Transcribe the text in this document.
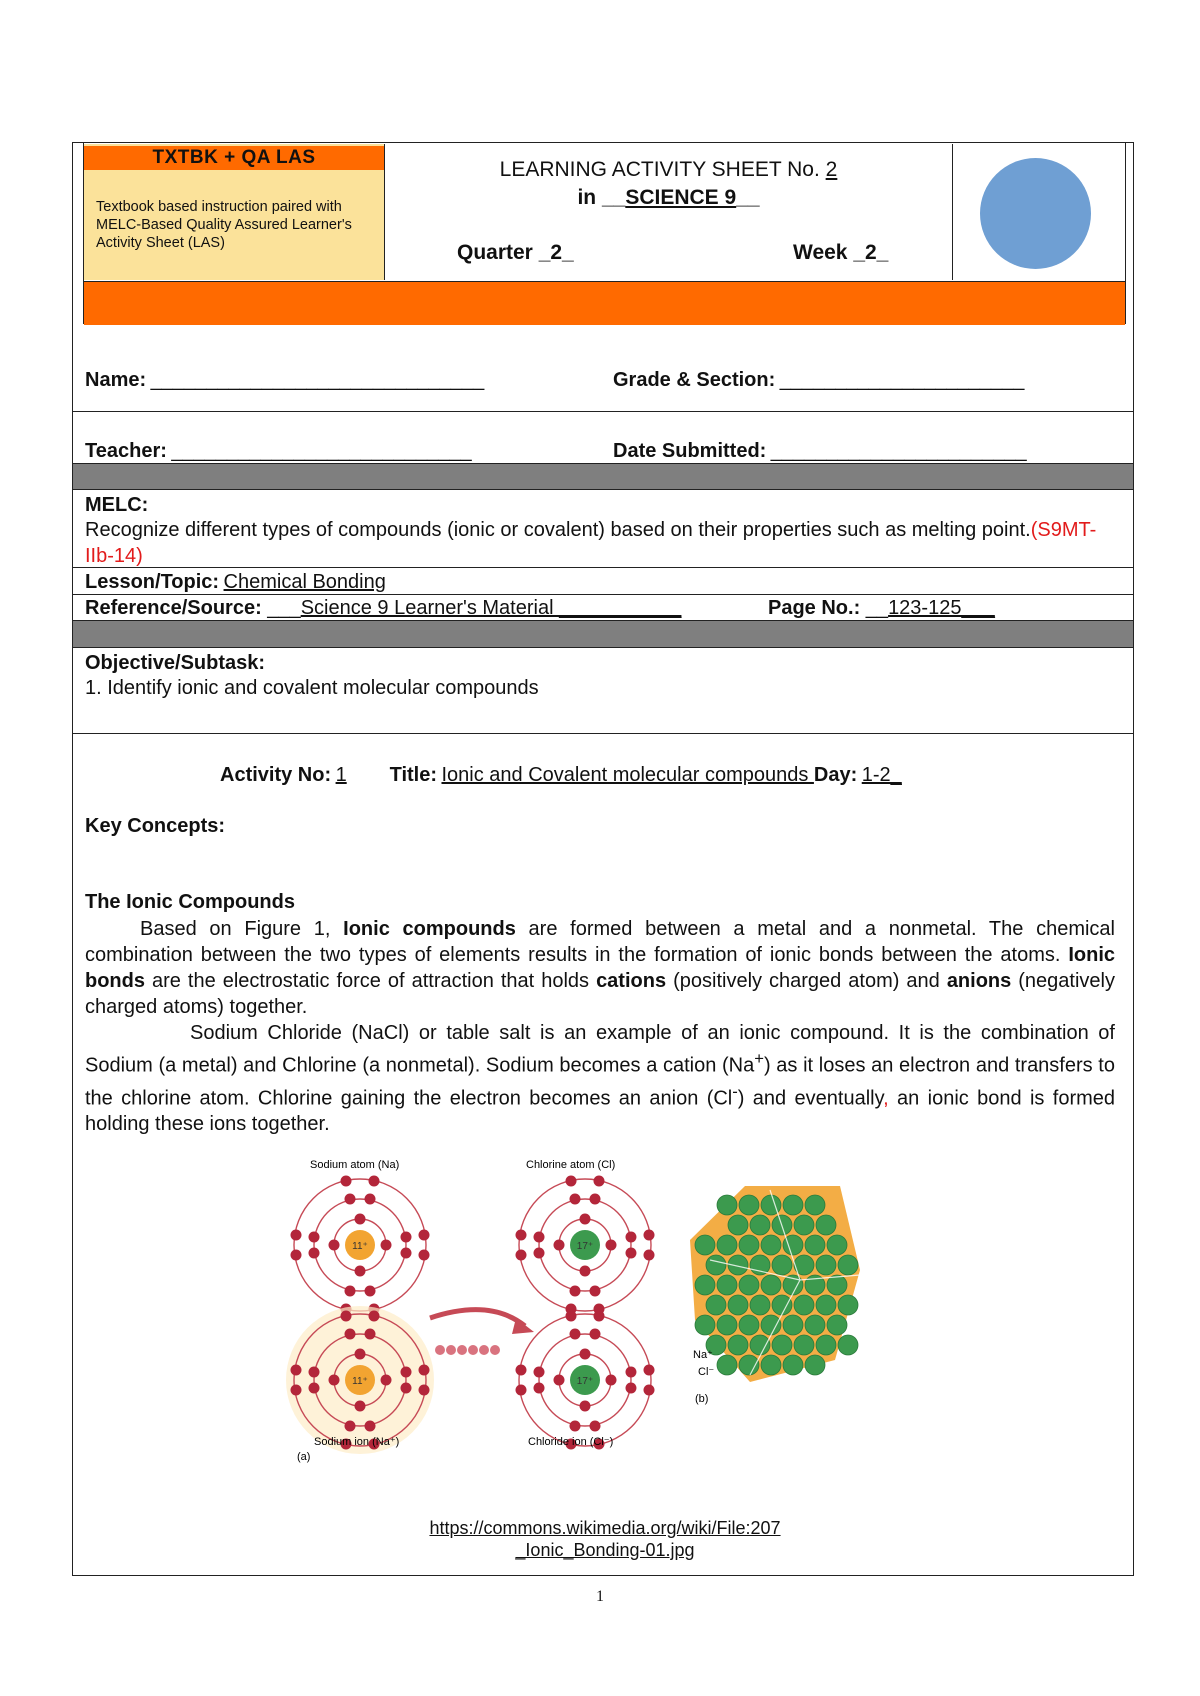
TXTBK + QA LAS
Textbook based instruction paired with MELC-Based Quality Assured Learner's Activity Sheet (LAS)
LEARNING ACTIVITY SHEET No. 2
in __SCIENCE 9__
Quarter _2_	Week _2_
Name: ______________________________	Grade & Section: ______________________
Teacher: ___________________________	Date Submitted: _______________________
MELC:
Recognize different types of compounds (ionic or covalent) based on their properties such as melting point.(S9MT- IIb-14)
Lesson/Topic: Chemical Bonding
Reference/Source: ___Science 9 Learner's Material ___________	Page No.: __123-125___
Objective/Subtask:
1. Identify ionic and covalent molecular compounds
Activity No: 1 Title: Ionic and Covalent molecular compounds Day: 1-2_
Key Concepts:
The Ionic Compounds
Based on Figure 1, Ionic compounds are formed between a metal and a nonmetal. The chemical combination between the two types of elements results in the formation of ionic bonds between the atoms. Ionic bonds are the electrostatic force of attraction that holds cations (positively charged atom) and anions (negatively charged atoms) together.
Sodium Chloride (NaCl) or table salt is an example of an ionic compound. It is the combination of Sodium (a metal) and Chlorine (a nonmetal). Sodium becomes a cation (Na+) as it loses an electron and transfers to the chlorine atom. Chlorine gaining the electron becomes an anion (Cl-) and eventually, an ionic bond is formed holding these ions together.
11⁺	17⁺
11⁺	17⁺
Sodium atom (Na)	Chlorine atom (Cl)
Sodium ion (Na⁺)	Chloride ion (Cl⁻)
(a)
(b)
Na⁺
Cl⁻
https://commons.wikimedia.org/wiki/File:207
_Ionic_Bonding-01.jpg
1
